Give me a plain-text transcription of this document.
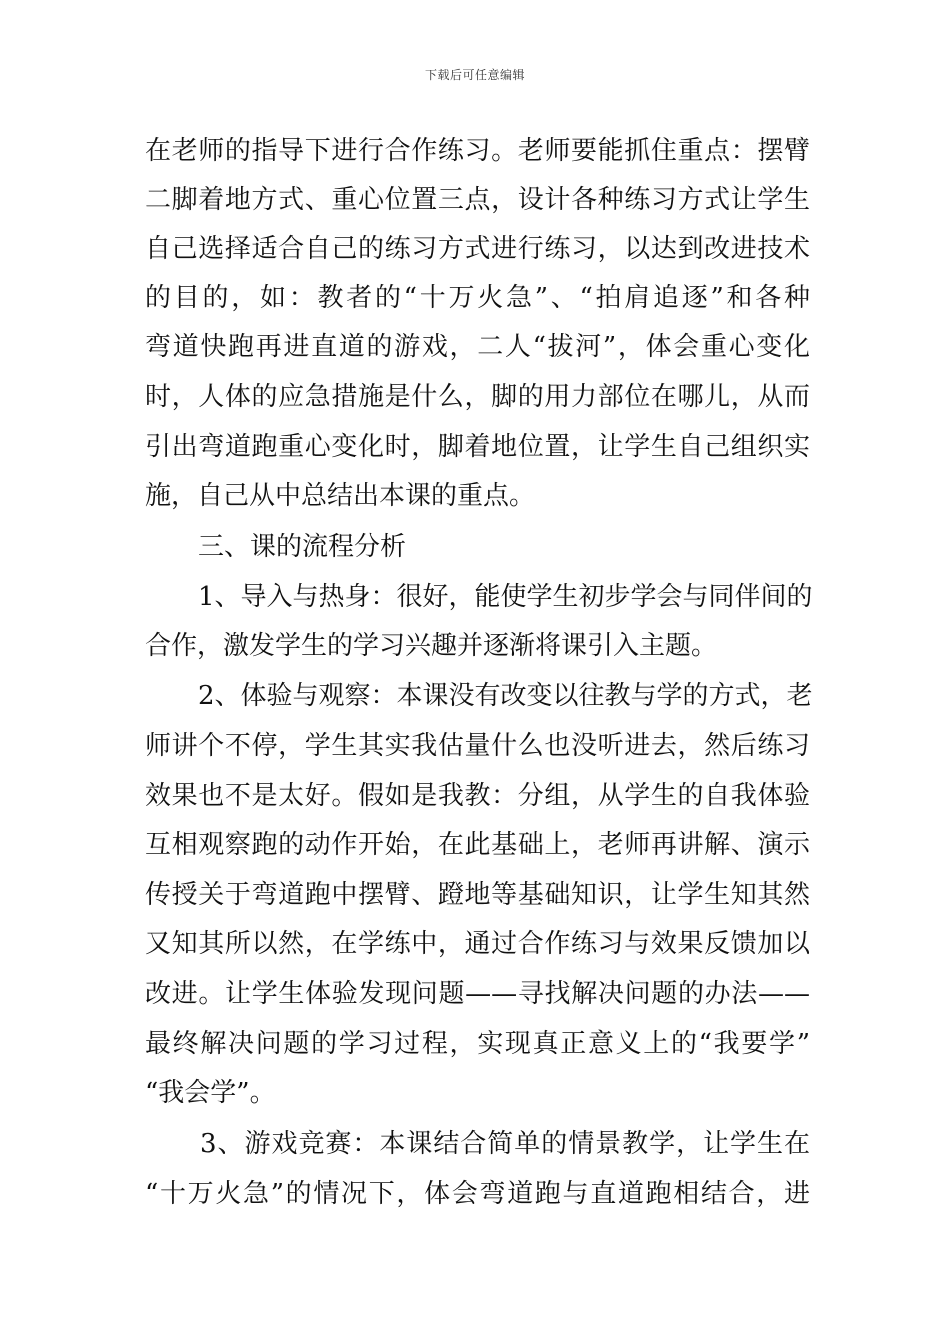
下载后可任意编辑
在老师的指导下进行合作练习。老师要能抓住重点：摆臂
二脚着地方式、重心位置三点，设计各种练习方式让学生
自己选择适合自己的练习方式进行练习，以达到改进技术
的目的，如：教者的“十万火急”、“拍肩追逐”和各种
弯道快跑再进直道的游戏，二人“拔河”，体会重心变化
时，人体的应急措施是什么，脚的用力部位在哪儿，从而
引出弯道跑重心变化时，脚着地位置，让学生自己组织实
施，自己从中总结出本课的重点。
三、课的流程分析
1、导入与热身：很好，能使学生初步学会与同伴间的
合作，激发学生的学习兴趣并逐渐将课引入主题。
2、体验与观察：本课没有改变以往教与学的方式，老
师讲个不停，学生其实我估量什么也没听进去，然后练习
效果也不是太好。假如是我教：分组，从学生的自我体验
互相观察跑的动作开始，在此基础上，老师再讲解、演示
传授关于弯道跑中摆臂、蹬地等基础知识，让学生知其然
又知其所以然，在学练中，通过合作练习与效果反馈加以
改进。让学生体验发现问题——寻找解决问题的办法——
最终解决问题的学习过程，实现真正意义上的“我要学”
“我会学”。
3、游戏竞赛：本课结合简单的情景教学，让学生在
“十万火急”的情况下，体会弯道跑与直道跑相结合，进
